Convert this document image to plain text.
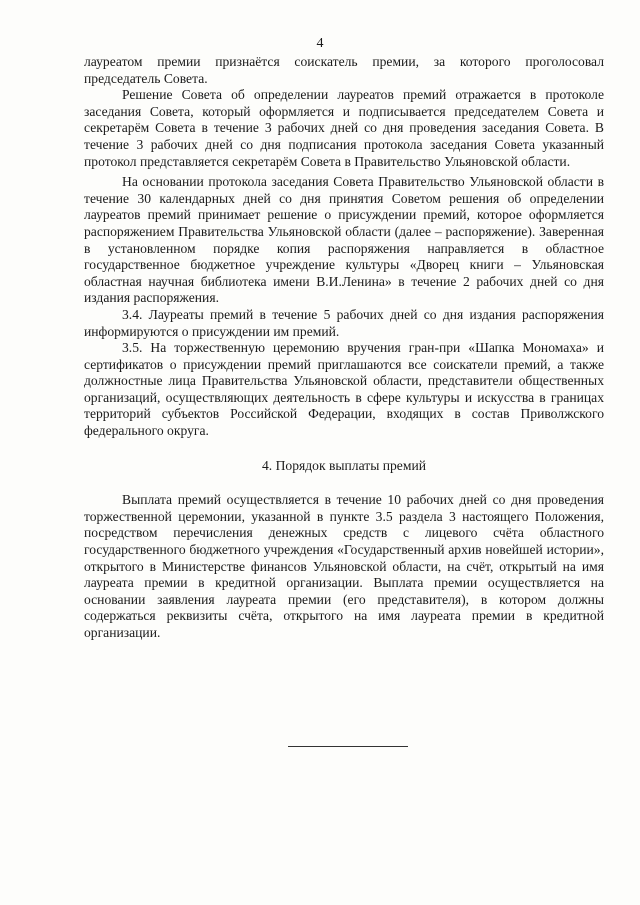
4

лауреатом премии признаётся соискатель премии, за которого проголосовал председатель Совета.

Решение Совета об определении лауреатов премий отражается в протоколе заседания Совета, который оформляется и подписывается председателем Совета и секретарём Совета в течение 3 рабочих дней со дня проведения заседания Совета. В течение 3 рабочих дней со дня подписания протокола заседания Совета указанный протокол представляется секретарём Совета в Правительство Ульяновской области.

На основании протокола заседания Совета Правительство Ульяновской области в течение 30 календарных дней со дня принятия Советом решения об определении лауреатов премий принимает решение о присуждении премий, которое оформляется распоряжением Правительства Ульяновской области (далее – распоряжение). Заверенная в установленном порядке копия распоряжения направляется в областное государственное бюджетное учреждение культуры «Дворец книги – Ульяновская областная научная библиотека имени В.И.Ленина» в течение 2 рабочих дней со дня издания распоряжения.

3.4. Лауреаты премий в течение 5 рабочих дней со дня издания распоряжения информируются о присуждении им премий.

3.5. На торжественную церемонию вручения гран-при «Шапка Мономаха» и сертификатов о присуждении премий приглашаются все соискатели премий, а также должностные лица Правительства Ульяновской области, представители общественных организаций, осуществляющих деятельность в сфере культуры и искусства в границах территорий субъектов Российской Федерации, входящих в состав Приволжского федерального округа.

4. Порядок выплаты премий

Выплата премий осуществляется в течение 10 рабочих дней со дня проведения торжественной церемонии, указанной в пункте 3.5 раздела 3 настоящего Положения, посредством перечисления денежных средств с лицевого счёта областного государственного бюджетного учреждения «Государственный архив новейшей истории», открытого в Министерстве финансов Ульяновской области, на счёт, открытый на имя лауреата премии в кредитной организации. Выплата премии осуществляется на основании заявления лауреата премии (его представителя), в котором должны содержаться реквизиты счёта, открытого на имя лауреата премии в кредитной организации.
